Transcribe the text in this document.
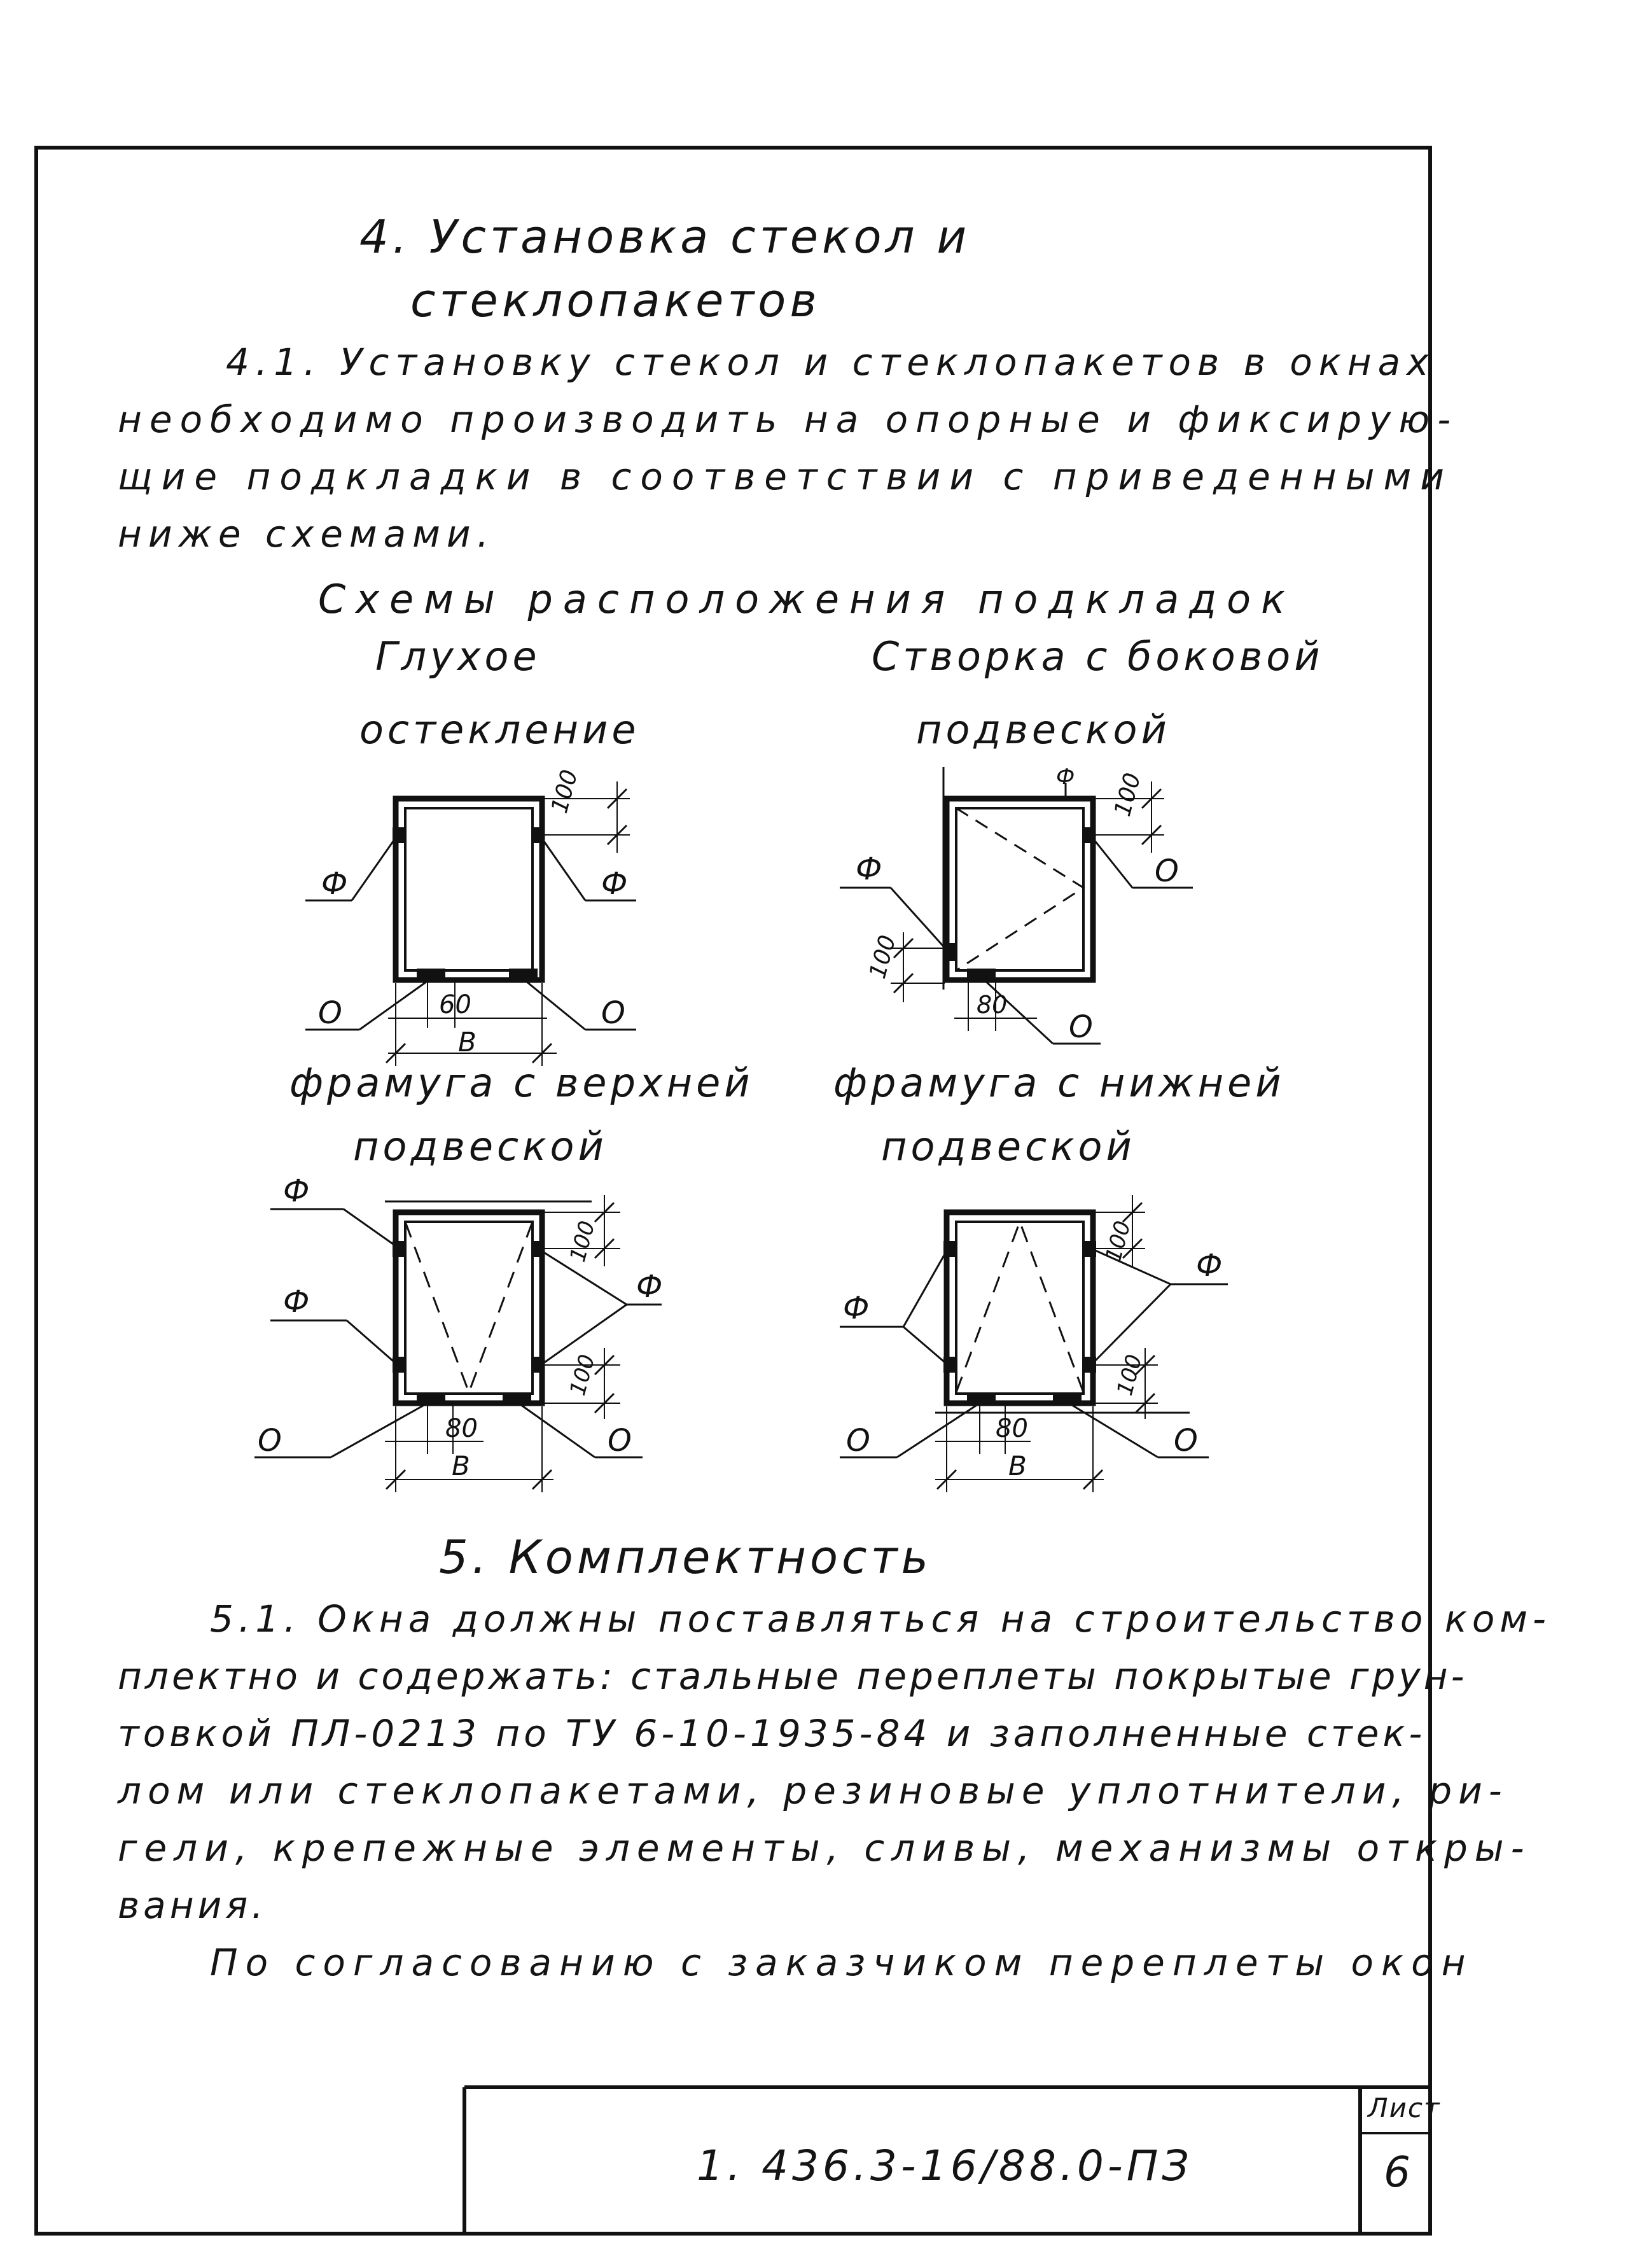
Ф	Ф
О	О
60
В
100
Ф
Ф
О
О
80
100
100
Ф
Ф	Ф
О	О
80
В
100
100
Ф
Ф
О	О
80
В
100
100
4. Установка стекол и
стеклопакетов
4.1. Установку стекол и стеклопакетов в окнах
необходимо производить на опорные и фиксирую-
щие подкладки в соответствии с приведенными
ниже схемами.
Схемы расположения подкладок
Глухое
остекление
Створка с боковой
подвеской
фрамуга с верхней
подвеской
фрамуга с нижней
подвеской
5. Комплектность
5.1. Окна должны поставляться на строительство ком-
плектно и содержать: стальные переплеты покрытые грун-
товкой ПЛ-0213 по ТУ 6-10-1935-84 и заполненные стек-
лом или стеклопакетами, резиновые уплотнители, ри-
гели, крепежные элементы, сливы, механизмы откры-
вания.
По согласованию с заказчиком переплеты окон
1. 436.3-16/88.0-ПЗ
Лист
6
